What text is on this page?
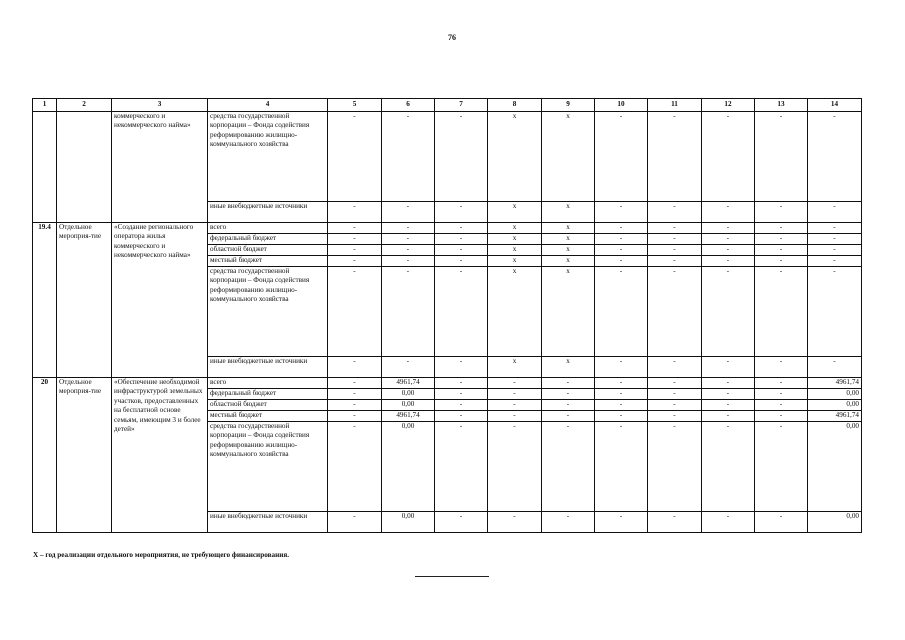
76
1	2	3	4	5	6	7	8	9	10	11	12	13	14
		коммерческого и некоммерческого найма»	средства государственной корпорации – Фонда содействия реформированию жилищно-коммунального хозяйства	-	-	-	x	x	-	-	-	-	-
			иные внебюджетные источники	-	-	-	x	x	-	-	-	-	-
19.4	Отдельное мероприя-тие	«Создание регионального оператора жилья коммерческого и некоммерческого найма»	всего	-	-	-	x	x	-	-	-	-	-
			федеральный бюджет	-	-	-	x	x	-	-	-	-	-
			областной бюджет	-	-	-	x	x	-	-	-	-	-
			местный бюджет	-	-	-	x	x	-	-	-	-	-
			средства государственной корпорации – Фонда содействия реформированию жилищно-коммунального хозяйства	-	-	-	x	x	-	-	-	-	-
			иные внебюджетные источники	-	-	-	x	x	-	-	-	-	-
20	Отдельное мероприя-тие	«Обеспечение необходимой инфраструктурой земельных участков, предоставленных на бесплатной основе семьям, имеющим 3 и более детей»	всего	-	4961,74	-	-	-	-	-	-	-	4961,74
			федеральный бюджет	-	0,00	-	-	-	-	-	-	-	0,00
			областной бюджет	-	0,00	-	-	-	-	-	-	-	0,00
			местный бюджет	-	4961,74	-	-	-	-	-	-	-	4961,74
			средства государственной корпорации – Фонда содействия реформированию жилищно-коммунального хозяйства	-	0,00	-	-	-	-	-	-	-	0,00
			иные внебюджетные источники	-	0,00	-	-	-	-	-	-	-	0,00
Х – год реализации отдельного мероприятия, не требующего финансирования.
